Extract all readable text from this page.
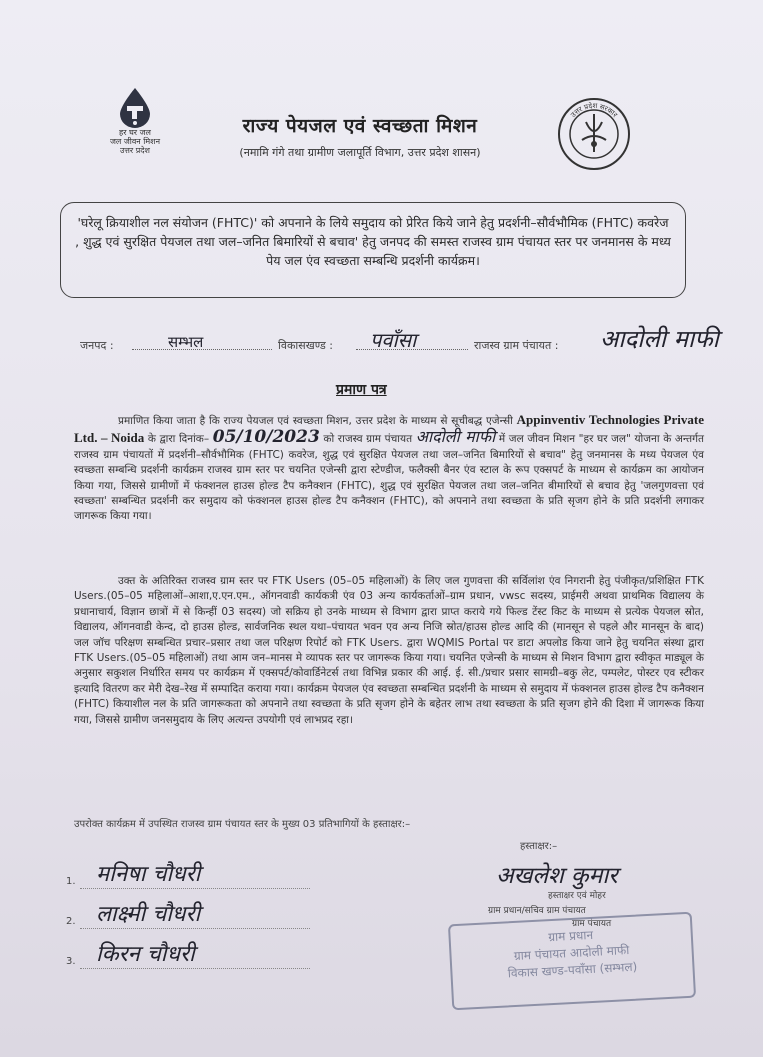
हर घर जल
जल जीवन मिशन
उत्तर प्रदेश
राज्य पेयजल एवं स्वच्छता मिशन
(नमामि गंगे तथा ग्रामीण जलापूर्ति विभाग, उत्तर प्रदेश शासन)
उत्तर प्रदेश सरकार
'घरेलू क्रियाशील नल संयोजन (FHTC)' को अपनाने के लिये समुदाय को प्रेरित किये जाने हेतु प्रदर्शनी–सौर्वभौमिक (FHTC) कवरेज , शुद्ध एवं सुरक्षित पेयजल तथा जल–जनित बिमारियों से बचाव' हेतु जनपद की समस्त राजस्व ग्राम पंचायत स्तर पर जनमानस के मध्य पेय जल एंव स्वच्छता सम्बन्धि प्रदर्शनी कार्यक्रम।
जनपद :	सम्भल	विकासखण्ड : पवाँसा	राजस्व ग्राम पंचायत : आदोली माफी
प्रमाण पत्र
प्रमाणित किया जाता है कि राज्य पेयजल एवं स्वच्छता मिशन, उत्तर प्रदेश के माध्यम से सूचीबद्ध एजेन्सी Appinventiv Technologies Private Ltd. – Noida के द्वारा दिनांक– 05/10/2023 को राजस्व ग्राम पंचायत आदोली माफी में जल जीवन मिशन "हर घर जल" योजना के अन्तर्गत राजस्व ग्राम पंचायतों में प्रदर्शनी–सौर्वभौमिक (FHTC) कवरेज, शुद्ध एवं सुरक्षित पेयजल तथा जल–जनित बिमारियों से बचाव" हेतु जनमानस के मध्य पेयजल एंव स्वच्छता सम्बन्धि प्रदर्शनी कार्यक्रम राजस्व ग्राम स्तर पर चयनित एजेन्सी द्वारा स्टेण्डीज, फलैक्सी बैनर एंव स्टाल के रूप एक्सपर्ट के माध्यम से कार्यक्रम का आयोजन किया गया, जिससे ग्रामीणों में फंक्शनल हाउस होल्ड टैप कनैक्शन (FHTC), शुद्ध एवं सुरक्षित पेयजल तथा जल–जनित बीमारियों से बचाव हेतु 'जलगुणवत्ता एवं स्वच्छता' सम्बन्धित प्रदर्शनी कर समुदाय को फंक्शनल हाउस होल्ड टैप कनैक्शन (FHTC), को अपनाने तथा स्वच्छता के प्रति सृजग होने के प्रति प्रदर्शनी लगाकर जागरूक किया गया।
उक्त के अतिरिक्त राजस्व ग्राम स्तर पर FTK Users (05–05 महिलाओं) के लिए जल गुणवत्ता की सर्विलांश एंव निगरानी हेतु पंजीकृत/प्रशिक्षित FTK Users.(05–05 महिलाओं–आशा,ए.एन.एम., ऑगनवाडी कार्यकत्री एंव 03 अन्य कार्यकर्ताओं–ग्राम प्रधान, vwsc सदस्य, प्राईमरी अथवा प्राथमिक विद्यालय के प्रधानाचार्य, विज्ञान छात्रों में से किन्हीं 03 सदस्य) जो सक्रिय हो उनके माध्यम से विभाग द्वारा प्राप्त कराये गये फिल्ड टेंस्ट किट के माध्यम से प्रत्येक पेयजल स्रोत, विद्यालय, ऑगनवाडी केन्द, दो हाउस होल्ड, सार्वजनिक स्थल यथा–पंचायत भवन एव अन्य निजि स्रोत/हाउस होल्ड आदि की (मानसून से पहले और मानसून के बाद) जल जॉच परिक्षण सम्बन्धित प्रचार–प्रसार तथा जल परिक्षण रिपोर्ट को FTK Users. द्वारा WQMIS Portal पर डाटा अपलोड किया जाने हेतु चयनित संस्था द्वारा FTK Users.(05–05 महिलाओं) तथा आम जन–मानस मे व्यापक स्तर पर जागरूक किया गया। चयनित एजेन्सी के माध्यम से मिशन विभाग द्वारा स्वीकृत माड्यूल के अनुसार सकुशल निर्धारित समय पर कार्यक्रम में एक्सपर्ट/कोवार्डिनेटर्स तथा विभिन्न प्रकार की आई. ई. सी./प्रचार प्रसार सामग्री–बकु लेट, पम्पलेट, पोस्टर एव स्टीकर इत्यादि वितरण कर मेरी देख–रेख में सम्पादित कराया गया। कार्यक्रम पेयजल एंव स्वच्छता सम्बन्धित प्रदर्शनी के माध्यम से समुदाय में फंक्शनल हाउस होल्ड टैप कनैक्शन (FHTC) कियाशील नल के प्रति जागरूकता को अपनाने तथा स्वच्छता के प्रति सृजग होने के बहेतर लाभ तथा स्वच्छता के प्रति सृजग होने की दिशा में जागरूक किया गया, जिससे ग्रामीण जनसमुदाय के लिए अत्यन्त उपयोगी एवं लाभप्रद रहा।
उपरोक्त कार्यक्रम में उपस्थित राजस्व ग्राम पंचायत स्तर के मुख्य 03 प्रतिभागियों के हस्ताक्षर:–
1. मनिषा चौधरी
2. लाक्ष्मी चौधरी
3. किरन चौधरी
हस्ताक्षर:–
अखलेश कुमार
हस्ताक्षर एवं मोहर
ग्राम प्रधान/सचिव ग्राम पंचायत
ग्राम पंचायत
ग्राम प्रधान
ग्राम पंचायत आदोली माफी
विकास खण्ड-पवाँसा (सम्भल)
